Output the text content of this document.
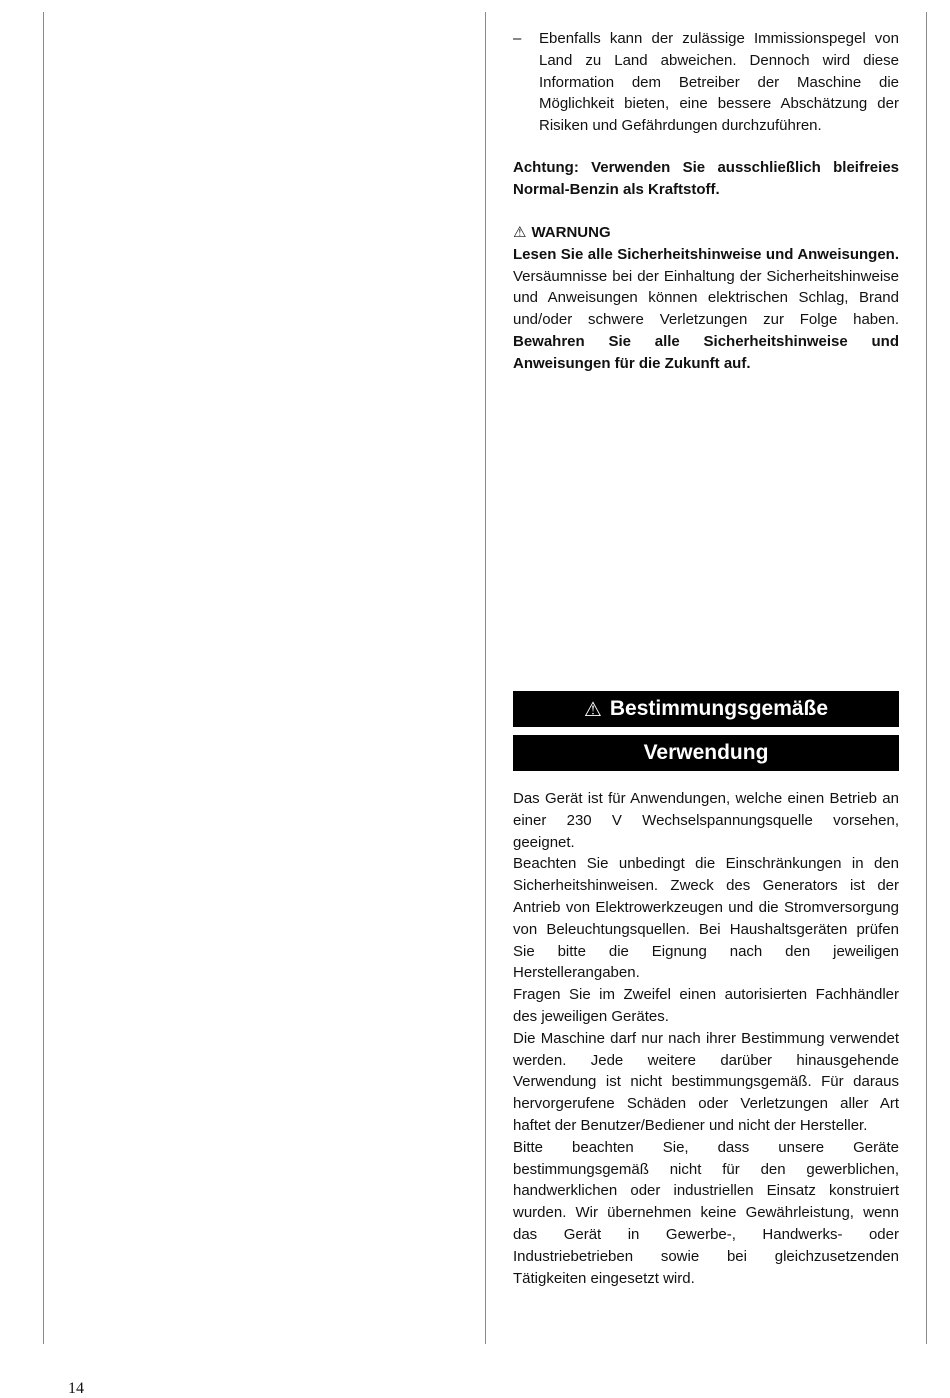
– Ebenfalls kann der zulässige Immissionspegel von Land zu Land abweichen. Dennoch wird diese Information dem Betreiber der Maschine die Möglichkeit bieten, eine bessere Abschätzung der Risiken und Gefährdungen durchzuführen.
Achtung: Verwenden Sie ausschließlich bleifreies Normal-Benzin als Kraftstoff.
⚠ WARNUNG
Lesen Sie alle Sicherheitshinweise und Anweisungen. Versäumnisse bei der Einhaltung der Sicherheitshinweise und Anweisungen können elektrischen Schlag, Brand und/oder schwere Verletzungen zur Folge haben. Bewahren Sie alle Sicherheitshinweise und Anweisungen für die Zukunft auf.
⚠ Bestimmungsgemäße
Verwendung
Das Gerät ist für Anwendungen, welche einen Betrieb an einer 230 V Wechselspannungsquelle vorsehen, geeignet.
Beachten Sie unbedingt die Einschränkungen in den Sicherheitshinweisen. Zweck des Generators ist der Antrieb von Elektrowerkzeugen und die Stromversorgung von Beleuchtungsquellen. Bei Haushaltsgeräten prüfen Sie bitte die Eignung nach den jeweiligen Herstellerangaben.
Fragen Sie im Zweifel einen autorisierten Fachhändler des jeweiligen Gerätes.
Die Maschine darf nur nach ihrer Bestimmung verwendet werden. Jede weitere darüber hinausgehende Verwendung ist nicht bestimmungsgemäß. Für daraus hervorgerufene Schäden oder Verletzungen aller Art haftet der Benutzer/Bediener und nicht der Hersteller.
Bitte beachten Sie, dass unsere Geräte bestimmungsgemäß nicht für den gewerblichen, handwerklichen oder industriellen Einsatz konstruiert wurden. Wir übernehmen keine Gewährleistung, wenn das Gerät in Gewerbe-, Handwerks- oder Industriebetrieben sowie bei gleichzusetzenden Tätigkeiten eingesetzt wird.
14
